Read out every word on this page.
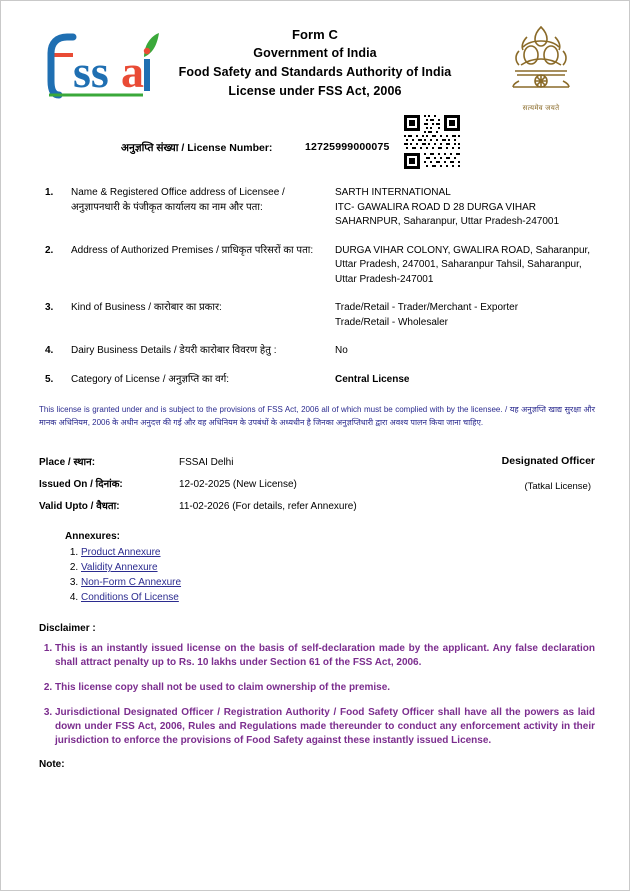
ss a
सत्यमेव जयते
Form C
Government of India
Food Safety and Standards Authority of India
License under FSS Act, 2006
अनुज्ञप्ति संख्या / License Number:	12725999000075
1.	Name & Registered Office address of Licensee / अनुज्ञापनधारी के पंजीकृत कार्यालय का नाम और पता:	SARTH INTERNATIONAL
ITC- GAWALIRA ROAD D 28 DURGA VIHAR SAHARNPUR, Saharanpur, Uttar Pradesh-247001
2.	Address of Authorized Premises / प्राधिकृत परिसरों का पता:	DURGA VIHAR COLONY, GWALIRA ROAD, Saharanpur, Uttar Pradesh, 247001, Saharanpur Tahsil, Saharanpur, Uttar Pradesh-247001
3.	Kind of Business / कारोबार का प्रकार:	Trade/Retail - Trader/Merchant - Exporter
Trade/Retail - Wholesaler
4.	Dairy Business Details / डेयरी कारोबार विवरण हेतु :	No
5.	Category of License / अनुज्ञप्ति का वर्ग:	Central License
This license is granted under and is subject to the provisions of FSS Act, 2006 all of which must be complied with by the licensee. / यह अनुज्ञप्ति खाद्य सुरक्षा और मानक अधिनियम, 2006 के अधीन अनुदत्त की गई और वह अधिनियम के उपबंधों के अध्यधीन है जिनका अनुज्ञप्तिधारी द्वारा अवश्य पालन किया जाना चाहिए.
Designated Officer
(Tatkal License)
Place / स्थान:	FSSAI Delhi
Issued On / दिनांक:	12-02-2025 (New License)
Valid Upto / वैधता:	11-02-2026 (For details, refer Annexure)
Annexures:
1. Product Annexure
2. Validity Annexure
3. Non-Form C Annexure
4. Conditions Of License
Disclaimer :
1. This is an instantly issued license on the basis of self-declaration made by the applicant. Any false declaration shall attract penalty up to Rs. 10 lakhs under Section 61 of the FSS Act, 2006.
2. This license copy shall not be used to claim ownership of the premise.
3. Jurisdictional Designated Officer / Registration Authority / Food Safety Officer shall have all the powers as laid down under FSS Act, 2006, Rules and Regulations made thereunder to conduct any enforcement activity in their jurisdiction to enforce the provisions of Food Safety against these instantly issued License.
Note:
